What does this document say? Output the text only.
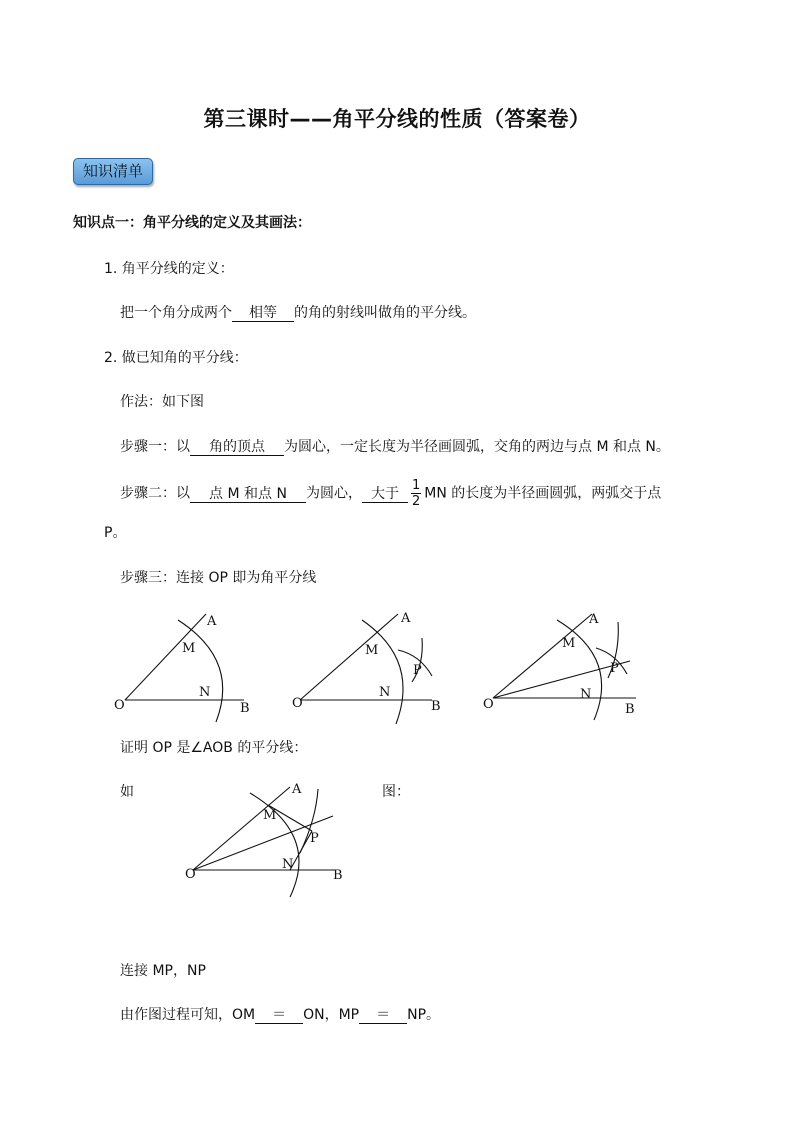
第三课时——角平分线的性质（答案卷）
知识清单
知识点一：角平分线的定义及其画法：
1. 角平分线的定义：
把一个角分成两个 相等 的角的射线叫做角的平分线。
2. 做已知角的平分线：
作法：如下图
步骤一：以 角的顶点 为圆心，一定长度为半径画圆弧，交角的两边与点 M 和点 N。
步骤二：以 点 M 和点 N 为圆心， 大于 $\frac{1}{2}$ MN 的长度为半径画圆弧，两弧交于点
P。
步骤三：连接 OP 即为角平分线
O
A
B
M
N
O
A
B
M
N
P
O
A
B
M
N
P
证明 OP 是∠AOB 的平分线：
如	图：
O
A
B
M
N
P
连接 MP，NP
由作图过程可知，OM ＝ ON，MP ＝ NP。
